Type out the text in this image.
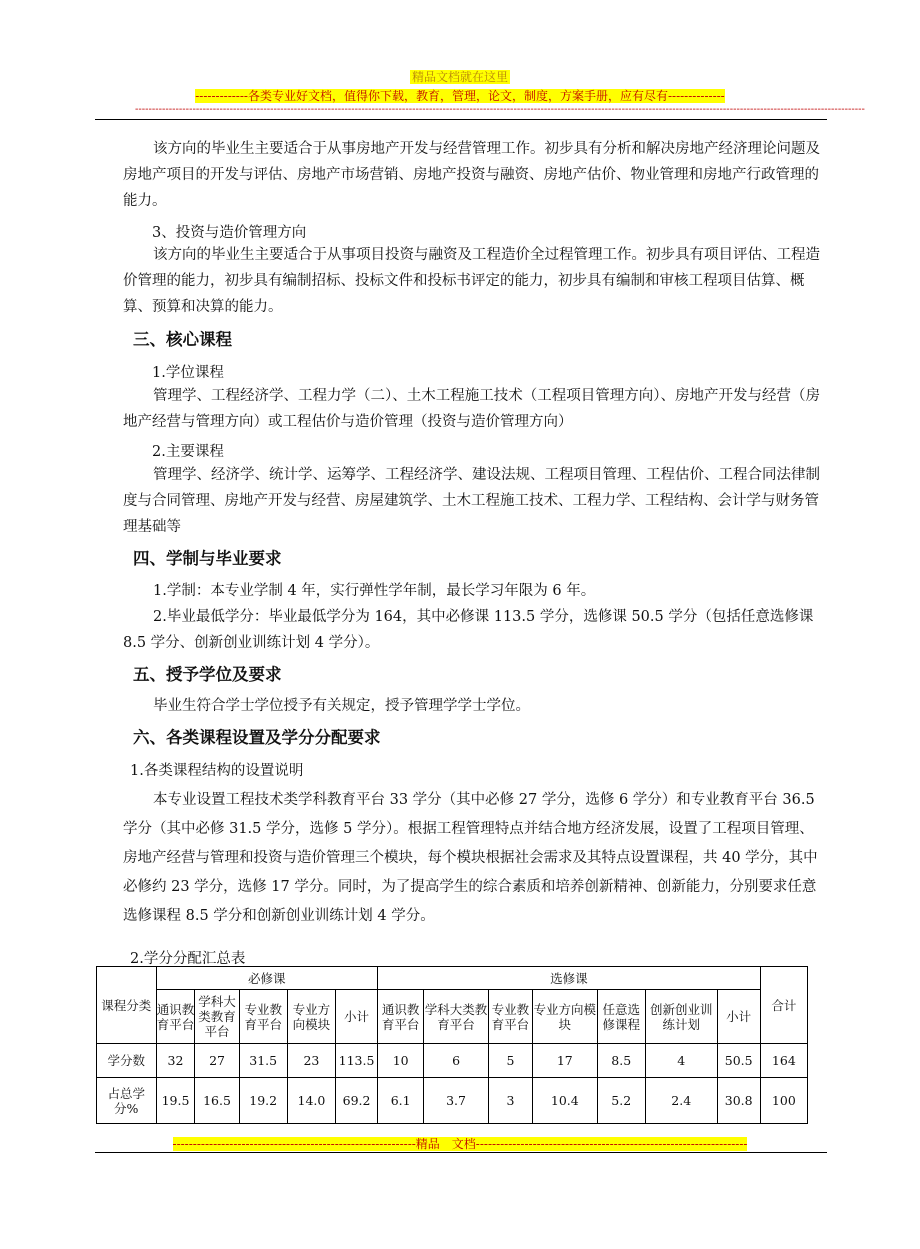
精品文档就在这里
-------------各类专业好文档，值得你下载，教育，管理，论文，制度，方案手册，应有尽有--------------
------------------------------------------------------------------------------------------------------------------------------------------------------------------------------------------------------------------------
该方向的毕业生主要适合于从事房地产开发与经营管理工作。初步具有分析和解决房地产经济理论问题及房地产项目的开发与评估、房地产市场营销、房地产投资与融资、房地产估价、物业管理和房地产行政管理的能力。
3、投资与造价管理方向
该方向的毕业生主要适合于从事项目投资与融资及工程造价全过程管理工作。初步具有项目评估、工程造价管理的能力，初步具有编制招标、投标文件和投标书评定的能力，初步具有编制和审核工程项目估算、概算、预算和决算的能力。
三、核心课程
1.学位课程
管理学、工程经济学、工程力学（二）、土木工程施工技术（工程项目管理方向）、房地产开发与经营（房地产经营与管理方向）或工程估价与造价管理（投资与造价管理方向）
2.主要课程
管理学、经济学、统计学、运筹学、工程经济学、建设法规、工程项目管理、工程估价、工程合同法律制度与合同管理、房地产开发与经营、房屋建筑学、土木工程施工技术、工程力学、工程结构、会计学与财务管理基础等
四、学制与毕业要求
1.学制：本专业学制 4 年，实行弹性学年制，最长学习年限为 6 年。
2.毕业最低学分：毕业最低学分为 164，其中必修课 113.5 学分，选修课 50.5 学分（包括任意选修课 8.5 学分、创新创业训练计划 4 学分）。
五、授予学位及要求
毕业生符合学士学位授予有关规定，授予管理学学士学位。
六、各类课程设置及学分分配要求
1.各类课程结构的设置说明
本专业设置工程技术类学科教育平台 33 学分（其中必修 27 学分，选修 6 学分）和专业教育平台 36.5 学分（其中必修 31.5 学分，选修 5 学分）。根据工程管理特点并结合地方经济发展，设置了工程项目管理、房地产经营与管理和投资与造价管理三个模块，每个模块根据社会需求及其特点设置课程，共 40 学分，其中必修约 23 学分，选修 17 学分。同时，为了提高学生的综合素质和培养创新精神、创新能力，分别要求任意选修课程 8.5 学分和创新创业训练计划 4 学分。
2.学分分配汇总表
课程分类	必修课					选修课							合计
	通识教育平台	学科大类教育平台	专业教育平台	专业方向模块	小计	通识教育平台	学科大类教育平台	专业教育平台	专业方向模块	任意选修课程	创新创业训练计划	小计	
学分数	32	27	31.5	23	113.5	10	6	5	17	8.5	4	50.5	164
占总学分%	19.5	16.5	19.2	14.0	69.2	6.1	3.7	3	10.4	5.2	2.4	30.8	100
------------------------------------------------------------精品　文档-------------------------------------------------------------------
